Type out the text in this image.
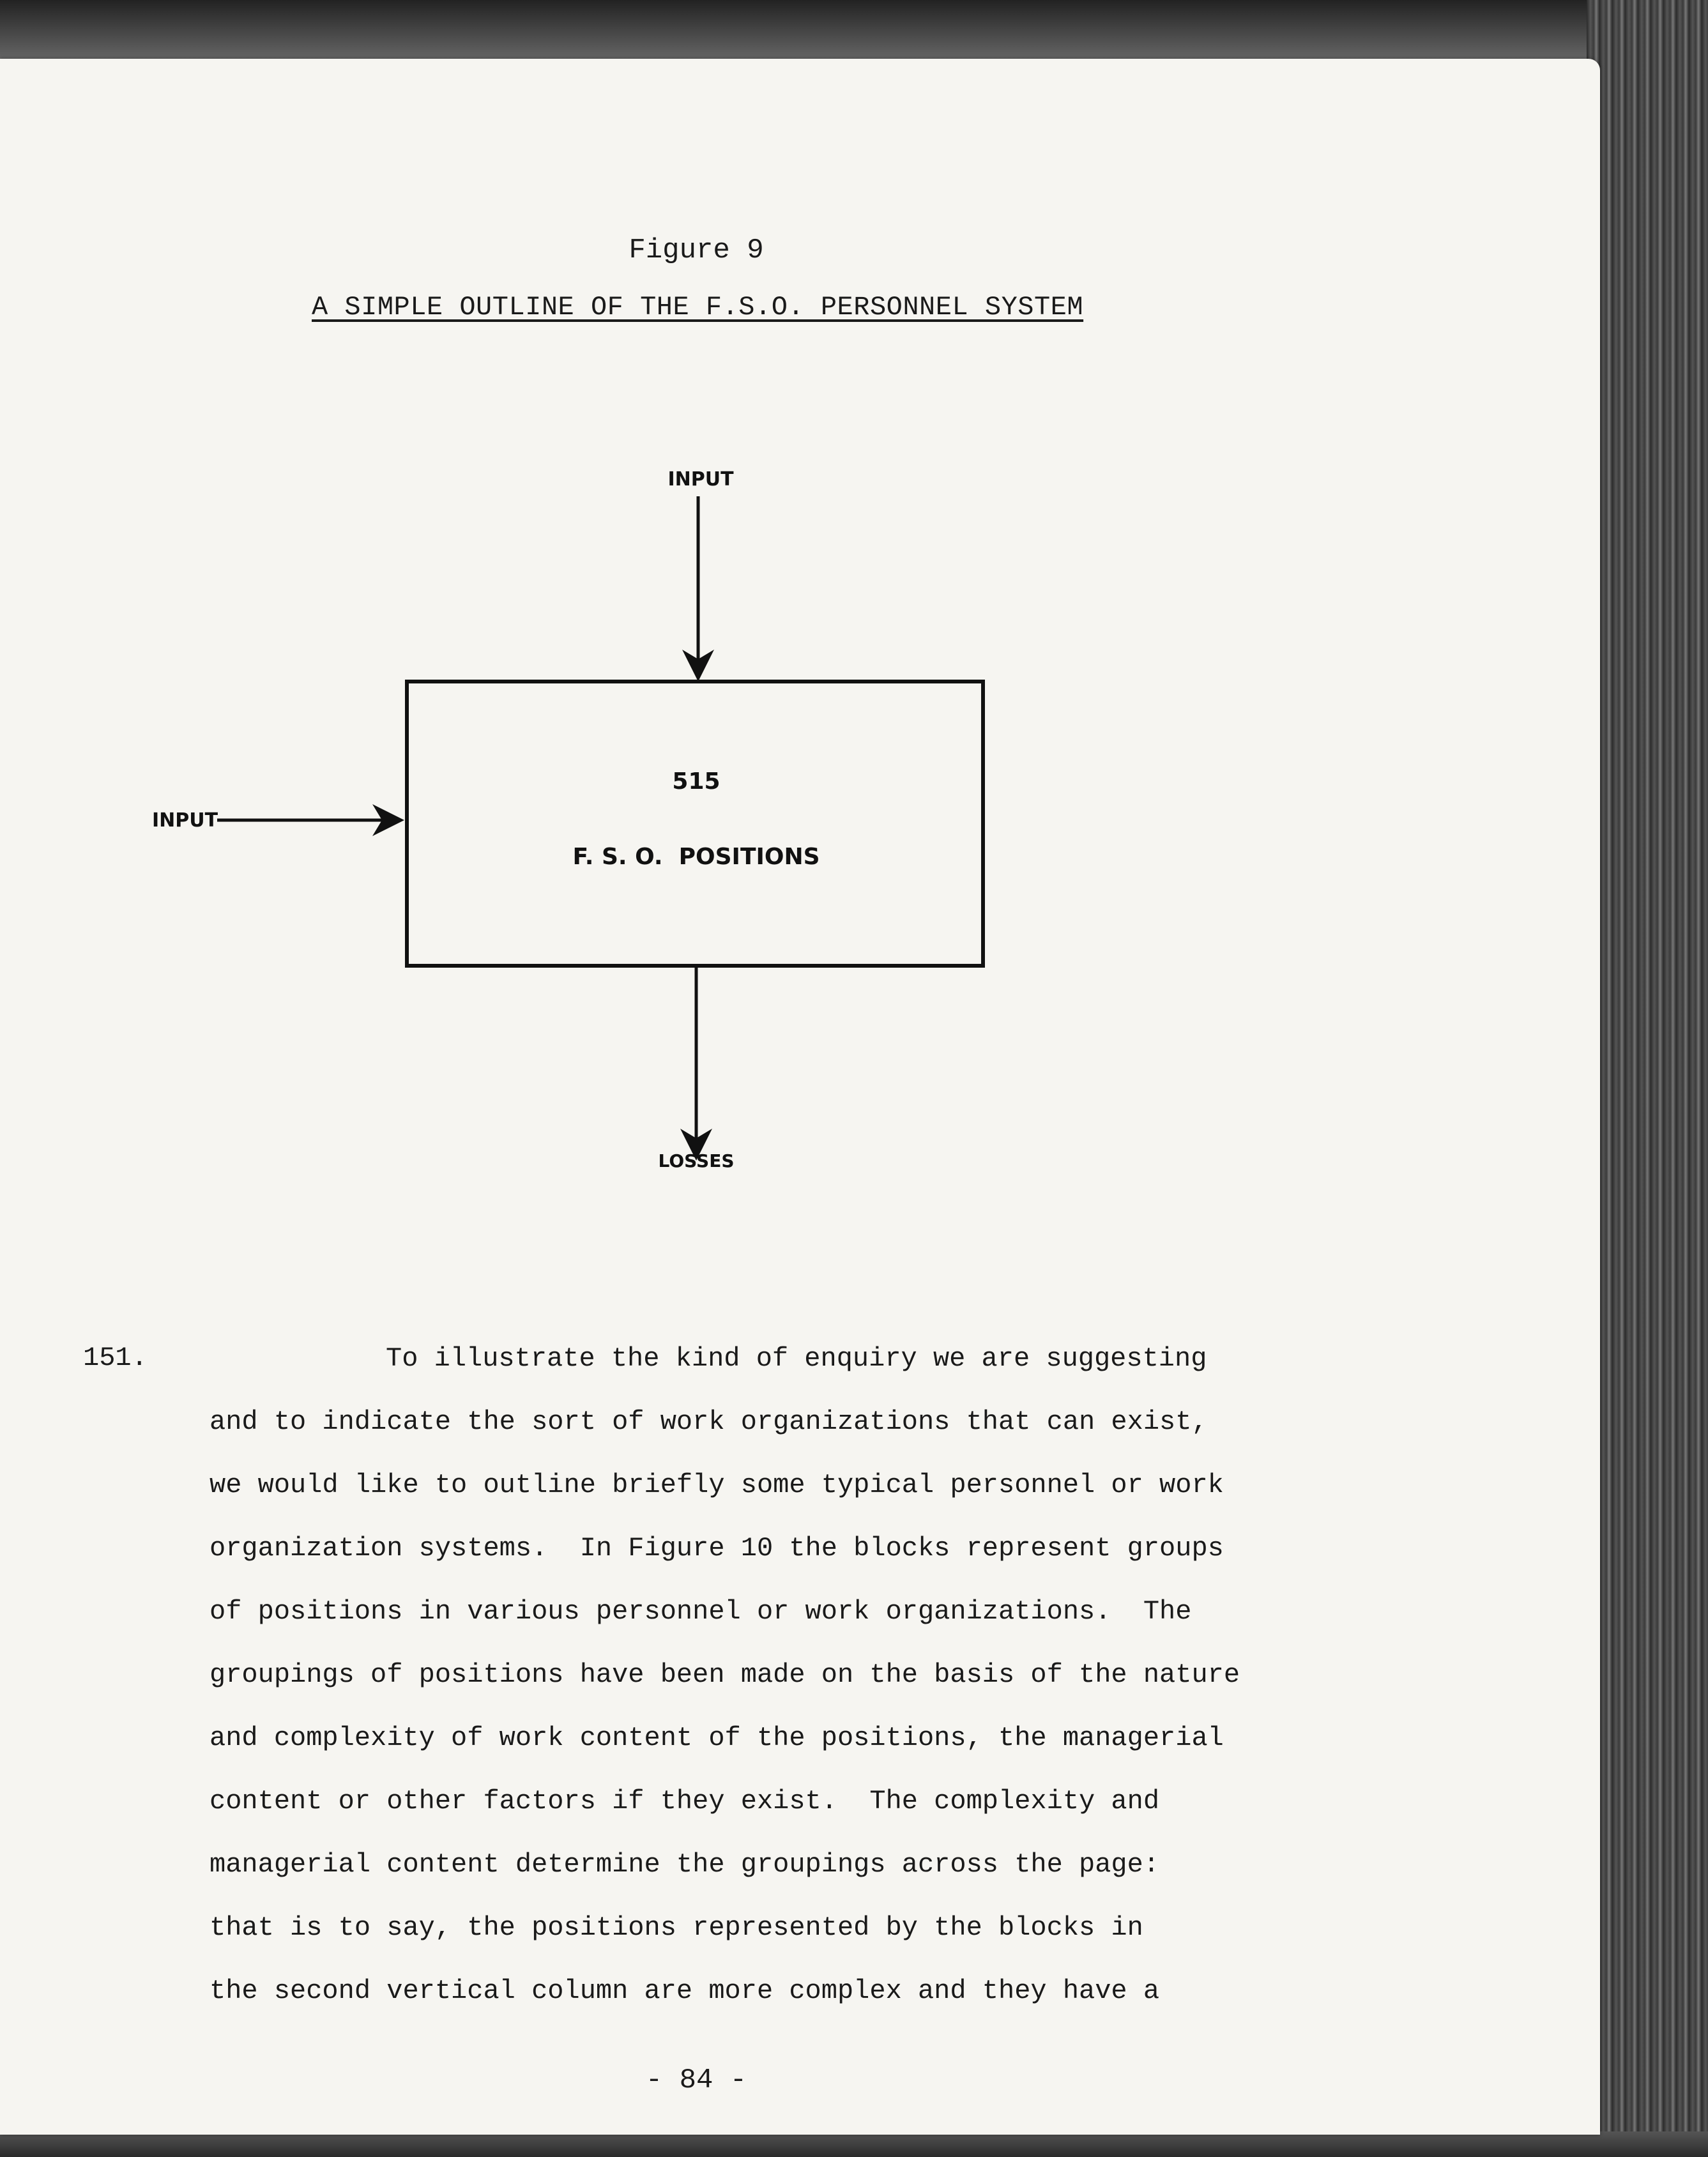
Figure 9
A SIMPLE OUTLINE OF THE F.S.O. PERSONNEL SYSTEM
INPUT
INPUT
515
F. S. O.  POSITIONS
LOSSES
151.	To illustrate the kind of enquiry we are suggesting
and to indicate the sort of work organizations that can exist,
we would like to outline briefly some typical personnel or work
organization systems.  In Figure 10 the blocks represent groups
of positions in various personnel or work organizations.  The
groupings of positions have been made on the basis of the nature
and complexity of work content of the positions, the managerial
content or other factors if they exist.  The complexity and
managerial content determine the groupings across the page:
that is to say, the positions represented by the blocks in
the second vertical column are more complex and they have a
- 84 -
